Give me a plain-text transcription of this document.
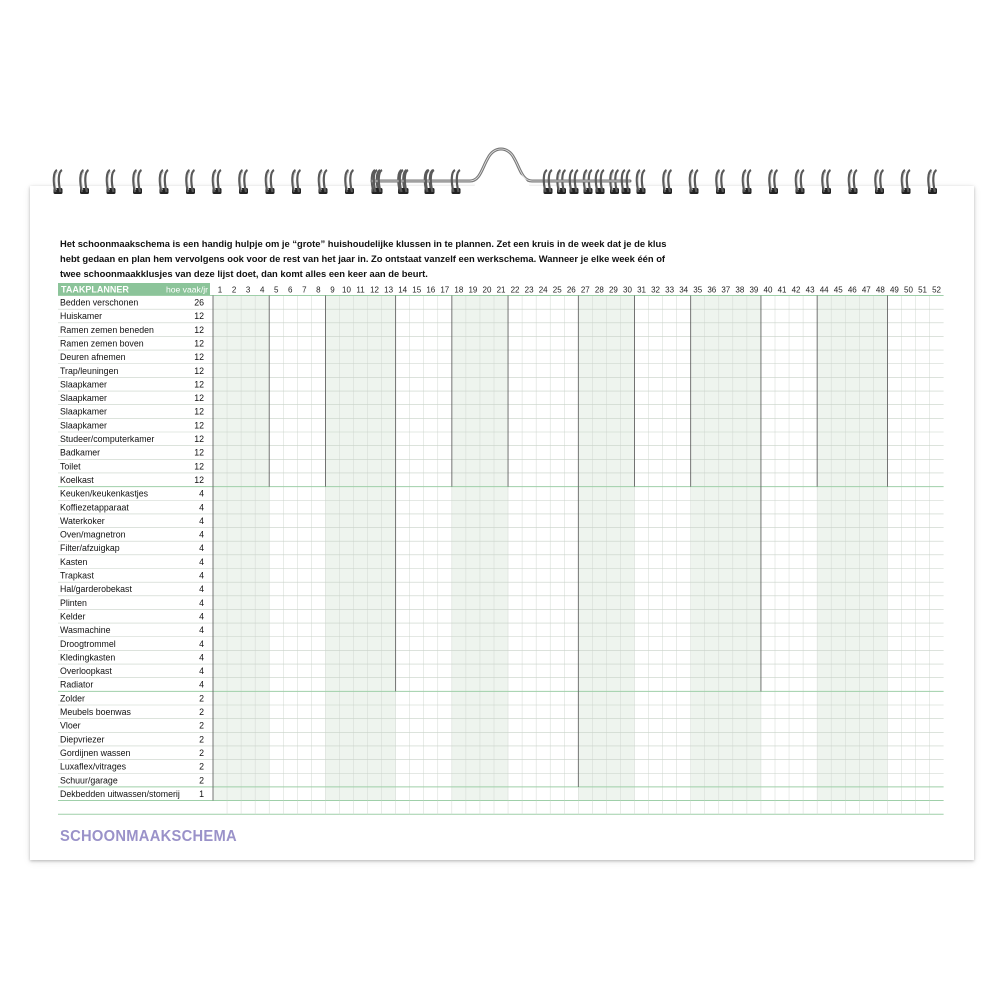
Het schoonmaakschema is een handig hulpje om je “grote” huishoudelijke klussen in te plannen. Zet een kruis in de week dat je de klus
hebt gedaan en plan hem vervolgens ook voor de rest van het jaar in. Zo ontstaat vanzelf een werkschema. Wanneer je elke week één of
twee schoonmaakklusjes van deze lijst doet, dan komt alles een keer aan de beurt.
TAAKPLANNER	hoe vaak/jr 1 2 3 4 5 6 7 8 9 10 11 12 13 14 15 16 17 18 19 20 21 22 23 24 25 26 27 28 29 30 31 32 33 34 35 36 37 38 39 40 41 42 43 44 45 46 47 48 49 50 51 52
Bedden verschonen	26
Huiskamer	12
Ramen zemen beneden	12
Ramen zemen boven	12
Deuren afnemen	12
Trap/leuningen	12
Slaapkamer	12
Slaapkamer	12
Slaapkamer	12
Slaapkamer	12
Studeer/computerkamer	12
Badkamer	12
Toilet	12
Koelkast	12
Keuken/keukenkastjes	4
Koffiezetapparaat	4
Waterkoker	4
Oven/magnetron	4
Filter/afzuigkap	4
Kasten	4
Trapkast	4
Hal/garderobekast	4
Plinten	4
Kelder	4
Wasmachine	4
Droogtrommel	4
Kledingkasten	4
Overloopkast	4
Radiator	4
Zolder	2
Meubels boenwas	2
Vloer	2
Diepvriezer	2
Gordijnen wassen	2
Luxaflex/vitrages	2
Schuur/garage	2
Dekbedden uitwassen/stomerij 1
SCHOONMAAKSCHEMA
